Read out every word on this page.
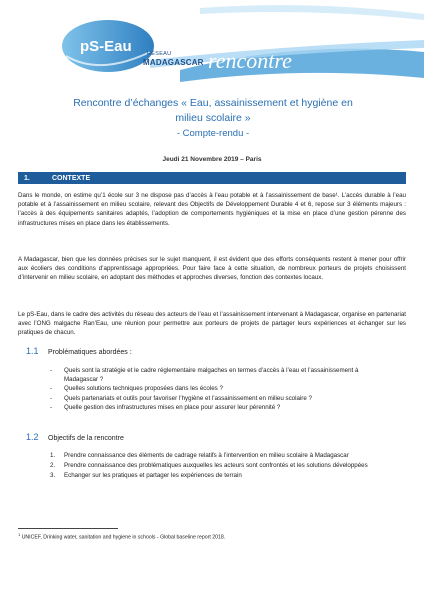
pS-Eau	RÉSEAU
MADAGASCAR rencontre
Rencontre d’échanges « Eau, assainissement et hygiène en milieu scolaire »
- Compte-rendu -
Jeudi 21 Novembre 2019 – Paris
1.	CONTEXTE
Dans le monde, on estime qu’1 école sur 3 ne dispose pas d’accès à l’eau potable et à l’assainissement de base¹. L’accès durable à l’eau potable et à l’assainissement en milieu scolaire, relevant des Objectifs de Développement Durable 4 et 6, repose sur 3 éléments majeurs : l’accès à des équipements sanitaires adaptés, l’adoption de comportements hygiéniques et la mise en place d’une gestion pérenne des infrastructures mises en place dans les établissements.
A Madagascar, bien que les données précises sur le sujet manquent, il est évident que des efforts conséquents restent à mener pour offrir aux écoliers des conditions d’apprentissage appropriées. Pour faire face à cette situation, de nombreux porteurs de projets choisissent d’intervenir en milieu scolaire, en adoptant des méthodes et approches diverses, fonction des contextes locaux.
Le pS-Eau, dans le cadre des activités du réseau des acteurs de l’eau et l’assainissement intervenant à Madagascar, organise en partenariat avec l’ONG malgache Ran’Eau, une réunion pour permettre aux porteurs de projets de partager leurs expériences et échanger sur les pratiques de chacun.
1.1	Problématiques abordées :
-	Quels sont la stratégie et le cadre réglementaire malgaches en termes d’accès à l’eau et l’assainissement à Madagascar ?
-	Quelles solutions techniques proposées dans les écoles ?
-	Quels partenariats et outils pour favoriser l’hygiène et l’assainissement en milieu scolaire ?
-	Quelle gestion des infrastructures mises en place pour assurer leur pérennité ?
1.2	Objectifs de la rencontre
1.	Prendre connaissance des éléments de cadrage relatifs à l’intervention en milieu scolaire à Madagascar
2.	Prendre connaissance des problématiques auxquelles les acteurs sont confrontés et les solutions développées
3.	Echanger sur les pratiques et partager les expériences de terrain
$^1$ UNICEF, Drinking water, sanitation and hygiene in schools - Global baseline report 2018.
